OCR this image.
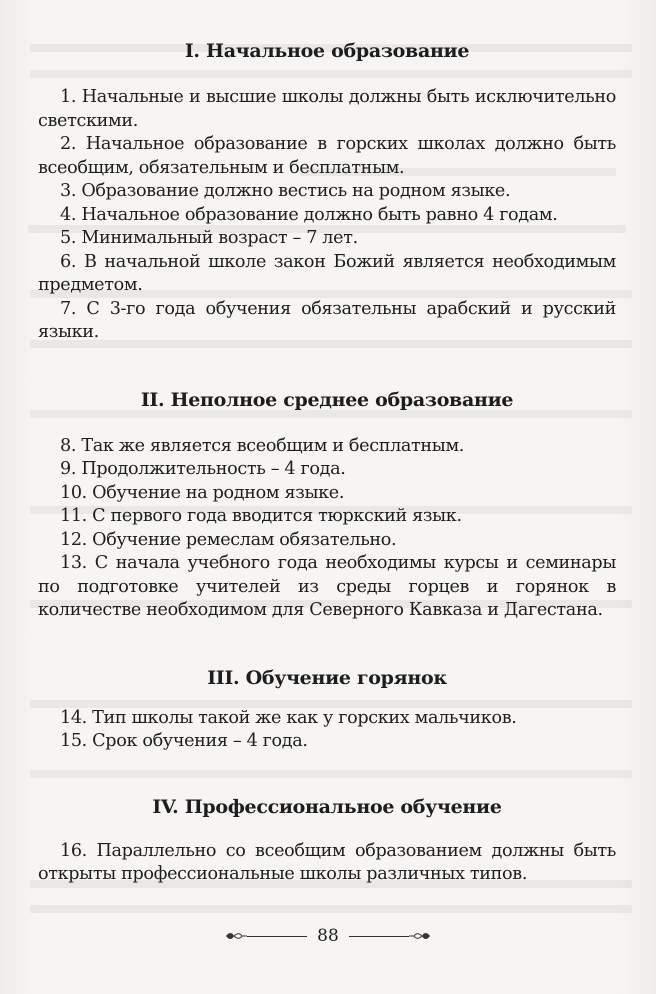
I. Начальное образование

1. Начальные и высшие школы должны быть исключительно светскими.

2. Начальное образование в горских школах должно быть всеобщим, обязательным и бесплатным.

3. Образование должно вестись на родном языке.

4. Начальное образование должно быть равно 4 годам.

5. Минимальный возраст – 7 лет.

6. В начальной школе закон Божий является необходимым предметом.

7. С 3-го года обучения обязательны арабский и русский языки.

II. Неполное среднее образование

8. Так же является всеобщим и бесплатным.

9. Продолжительность – 4 года.

10. Обучение на родном языке.

11. С первого года вводится тюркский язык.

12. Обучение ремеслам обязательно.

13. С начала учебного года необходимы курсы и семинары по подготовке учителей из среды горцев и горянок в количестве необходимом для Северного Кавказа и Дагестана.

III. Обучение горянок

14. Тип школы такой же как у горских мальчиков.

15. Срок обучения – 4 года.

IV. Профессиональное обучение

16. Параллельно со всеобщим образованием должны быть открыты профессиональные школы различных типов.

88
